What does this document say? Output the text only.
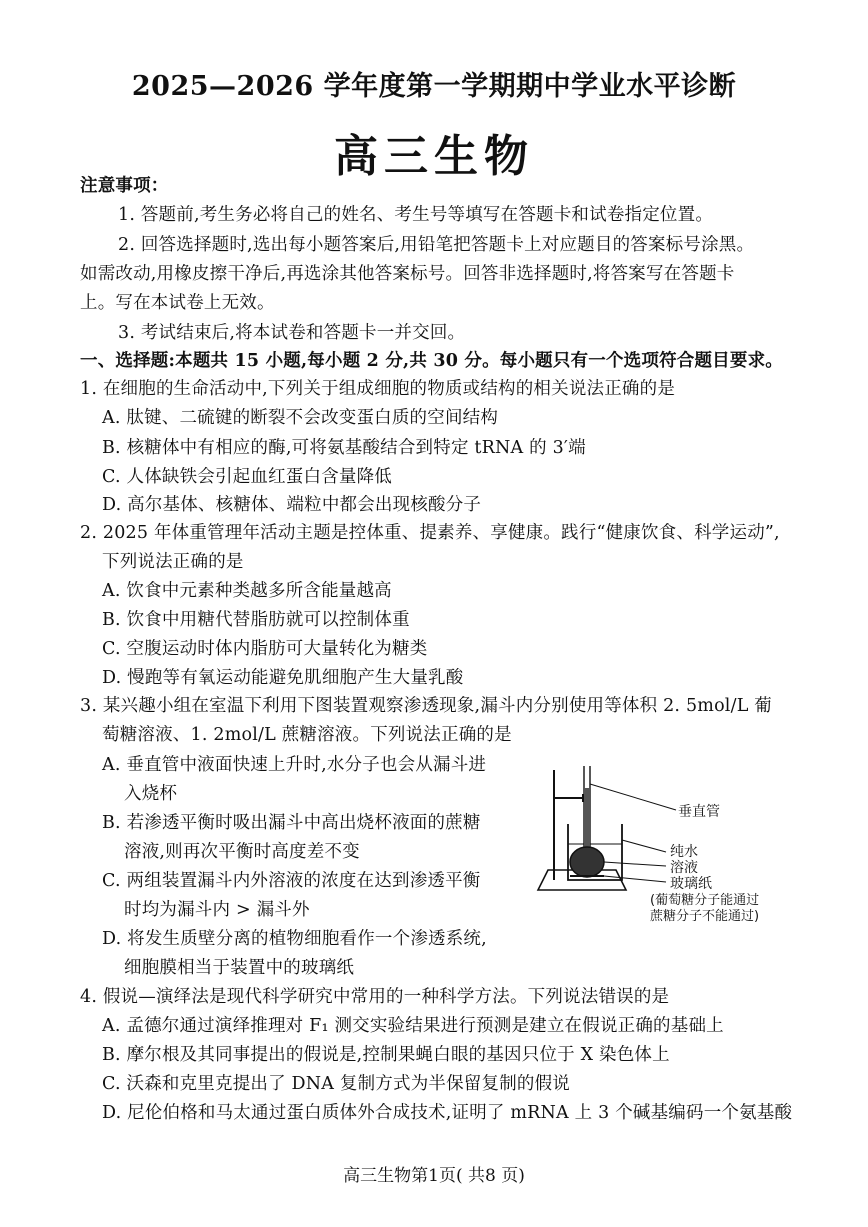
2025—2026 学年度第一学期期中学业水平诊断
高三生物
注意事项：
1. 答题前,考生务必将自己的姓名、考生号等填写在答题卡和试卷指定位置。
2. 回答选择题时,选出每小题答案后,用铅笔把答题卡上对应题目的答案标号涂黑。
如需改动,用橡皮擦干净后,再选涂其他答案标号。回答非选择题时,将答案写在答题卡
上。写在本试卷上无效。
3. 考试结束后,将本试卷和答题卡一并交回。
一、选择题:本题共 15 小题,每小题 2 分,共 30 分。每小题只有一个选项符合题目要求。
1. 在细胞的生命活动中,下列关于组成细胞的物质或结构的相关说法正确的是
A. 肽键、二硫键的断裂不会改变蛋白质的空间结构
B. 核糖体中有相应的酶,可将氨基酸结合到特定 tRNA 的 3′端
C. 人体缺铁会引起血红蛋白含量降低
D. 高尔基体、核糖体、端粒中都会出现核酸分子
2. 2025 年体重管理年活动主题是控体重、提素养、享健康。践行“健康饮食、科学运动”,
下列说法正确的是
A. 饮食中元素种类越多所含能量越高
B. 饮食中用糖代替脂肪就可以控制体重
C. 空腹运动时体内脂肪可大量转化为糖类
D. 慢跑等有氧运动能避免肌细胞产生大量乳酸
3. 某兴趣小组在室温下利用下图装置观察渗透现象,漏斗内分别使用等体积 2. 5mol/L 葡
萄糖溶液、1. 2mol/L 蔗糖溶液。下列说法正确的是
A. 垂直管中液面快速上升时,水分子也会从漏斗进
入烧杯
B. 若渗透平衡时吸出漏斗中高出烧杯液面的蔗糖
溶液,则再次平衡时高度差不变
C. 两组装置漏斗内外溶液的浓度在达到渗透平衡
时均为漏斗内 > 漏斗外
D. 将发生质壁分离的植物细胞看作一个渗透系统,
细胞膜相当于装置中的玻璃纸
垂直管
纯水
溶液
玻璃纸
(葡萄糖分子能通过
蔗糖分子不能通过)
4. 假说—演绎法是现代科学研究中常用的一种科学方法。下列说法错误的是
A. 孟德尔通过演绎推理对 F₁ 测交实验结果进行预测是建立在假说正确的基础上
B. 摩尔根及其同事提出的假说是,控制果蝇白眼的基因只位于 X 染色体上
C. 沃森和克里克提出了 DNA 复制方式为半保留复制的假说
D. 尼伦伯格和马太通过蛋白质体外合成技术,证明了 mRNA 上 3 个碱基编码一个氨基酸
高三生物第1页( 共8 页)
